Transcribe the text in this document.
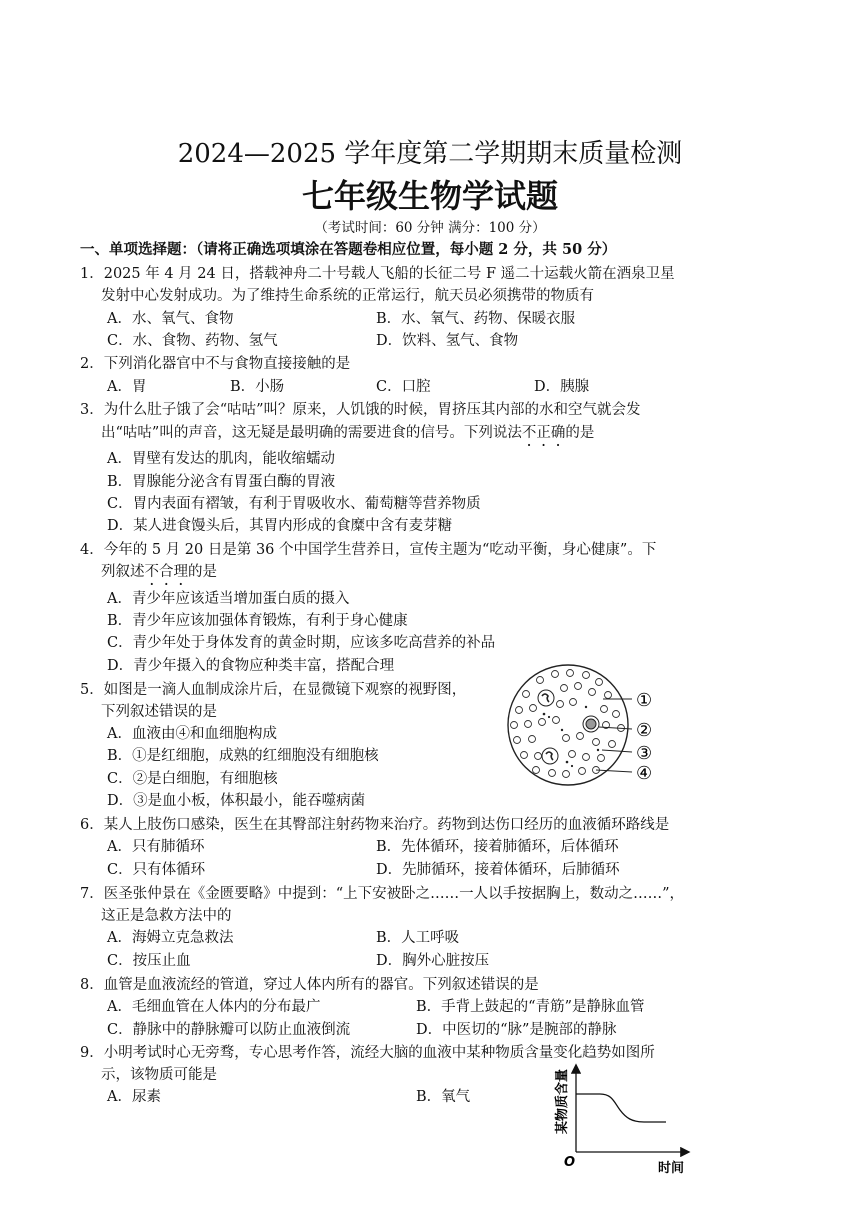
2024—2025 学年度第二学期期末质量检测
七年级生物学试题
（考试时间：60 分钟 满分：100 分）
一、单项选择题：（请将正确选项填涂在答题卷相应位置，每小题 2 分，共 50 分）
1．2025 年 4 月 24 日，搭载神舟二十号载人飞船的长征二号 F 遥二十运载火箭在酒泉卫星
发射中心发射成功。为了维持生命系统的正常运行，航天员必须携带的物质有
A．水、氧气、食物	B．水、氧气、药物、保暖衣服
C．水、食物、药物、氢气	D．饮料、氢气、食物
2．下列消化器官中不与食物直接接触的是
A．胃	B．小肠	C．口腔	D．胰腺
3．为什么肚子饿了会“咕咕”叫？原来，人饥饿的时候，胃挤压其内部的水和空气就会发
出“咕咕”叫的声音，这无疑是最明确的需要进食的信号。下列说法不正确的是
A．胃壁有发达的肌肉，能收缩蠕动
B．胃腺能分泌含有胃蛋白酶的胃液
C．胃内表面有褶皱，有利于胃吸收水、葡萄糖等营养物质
D．某人进食馒头后，其胃内形成的食糜中含有麦芽糖
4．今年的 5 月 20 日是第 36 个中国学生营养日，宣传主题为“吃动平衡，身心健康”。下
列叙述不合理的是
A．青少年应该适当增加蛋白质的摄入
B．青少年应该加强体育锻炼，有利于身心健康
C．青少年处于身体发育的黄金时期，应该多吃高营养的补品
D．青少年摄入的食物应种类丰富，搭配合理
5．如图是一滴人血制成涂片后，在显微镜下观察的视野图，
下列叙述错误的是
A．血液由④和血细胞构成
B．①是红细胞，成熟的红细胞没有细胞核
C．②是白细胞，有细胞核
D．③是血小板，体积最小，能吞噬病菌
①
②
③
④
6．某人上肢伤口感染，医生在其臀部注射药物来治疗。药物到达伤口经历的血液循环路线是
A．只有肺循环	B．先体循环，接着肺循环，后体循环
C．只有体循环	D．先肺循环，接着体循环，后肺循环
7．医圣张仲景在《金匮要略》中提到：“上下安被卧之……一人以手按据胸上，数动之……”，
这正是急救方法中的
A．海姆立克急救法	B．人工呼吸
C．按压止血	D．胸外心脏按压
8．血管是血液流经的管道，穿过人体内所有的器官。下列叙述错误的是
A．毛细血管在人体内的分布最广	B．手背上鼓起的“青筋”是静脉血管
C．静脉中的静脉瓣可以防止血液倒流	D．中医切的“脉”是腕部的静脉
9．小明考试时心无旁骛，专心思考作答，流经大脑的血液中某种物质含量变化趋势如图所
示，该物质可能是
A．尿素	B．氧气	某物质含量
时间
O
